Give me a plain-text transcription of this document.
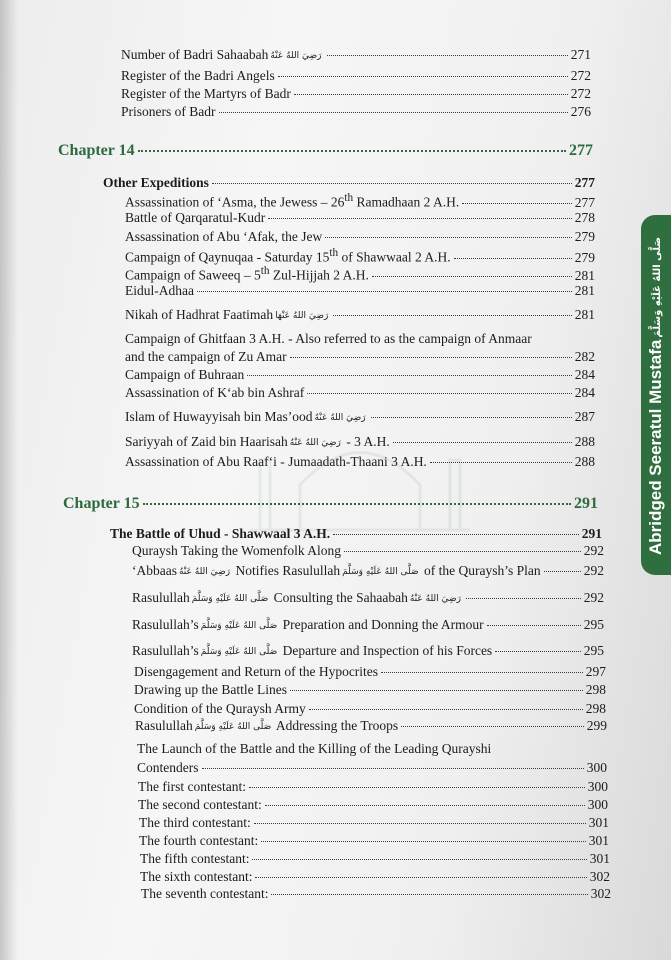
Number of Badri Sahaabah رَضِيَ اللهُ عَنْهُ	271
Register of the Badri Angels	272
Register of the Martyrs of Badr	272
Prisoners of Badr	276
Chapter 14	277
Other Expeditions	277
Assassination of ‘Asma, the Jewess – 26th Ramadhaan 2 A.H.	277
Battle of Qarqaratul-Kudr	278
Assassination of Abu ‘Afak, the Jew	279
Campaign of Qaynuqaa - Saturday 15th of Shawwaal 2 A.H.	279
Campaign of Saweeq – 5th Zul-Hijjah 2 A.H.	281
Eidul-Adhaa	281
Nikah of Hadhrat Faatimah رَضِيَ اللهُ عَنْهَا	281
Campaign of Ghitfaan 3 A.H. - Also referred to as the campaign of Anmaar
and the campaign of Zu Amar	282
Campaign of Buhraan	284
Assassination of K‘ab bin Ashraf	284
Islam of Huwayyisah bin Mas’ood رَضِيَ اللهُ عَنْهُ	287
Sariyyah of Zaid bin Haarisah رَضِيَ اللهُ عَنْهُ - 3 A.H.	288
Assassination of Abu Raaf‘i - Jumaadath-Thaani 3 A.H.	288
Chapter 15	291
The Battle of Uhud - Shawwaal 3 A.H.	291
Quraysh Taking the Womenfolk Along	292
‘Abbaas رَضِيَ اللهُ عَنْهُ Notifies Rasulullah صَلَّى اللهُ عَلَيْهِ وَسَلَّمَ of the Quraysh’s Plan	292
Rasulullah صَلَّى اللهُ عَلَيْهِ وَسَلَّمَ Consulting the Sahaabah رَضِيَ اللهُ عَنْهُ	292
Rasulullah’s صَلَّى اللهُ عَلَيْهِ وَسَلَّمَ Preparation and Donning the Armour	295
Rasulullah’s صَلَّى اللهُ عَلَيْهِ وَسَلَّمَ Departure and Inspection of his Forces	295
Disengagement and Return of the Hypocrites	297
Drawing up the Battle Lines	298
Condition of the Quraysh Army	298
Rasulullah صَلَّى اللهُ عَلَيْهِ وَسَلَّمَ Addressing the Troops	299
The Launch of the Battle and the Killing of the Leading Qurayshi
Contenders	300
The first contestant:	300
The second contestant:	300
The third contestant:	301
The fourth contestant:	301
The fifth contestant:	301
The sixth contestant:	302
The seventh contestant:	302
Abridged Seeratul Mustafaصَلَّى اللهُ عَلَيْهِ وَسَلَّمَ
